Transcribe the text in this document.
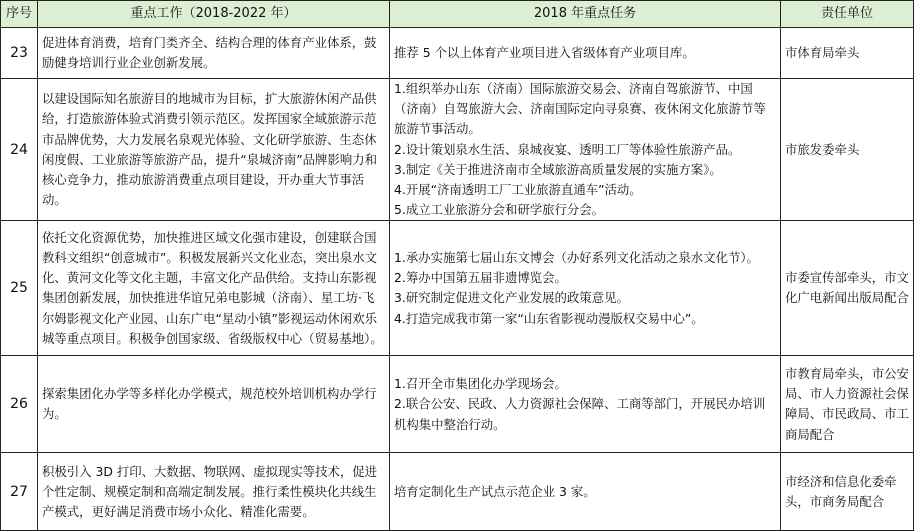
序号	重点工作（2018-2022 年）	2018 年重点任务	责任单位
23	促进体育消费，培育门类齐全、结构合理的体育产业体系，鼓励健身培训行业企业创新发展。	推荐 5 个以上体育产业项目进入省级体育产业项目库。	市体育局牵头
24	以建设国际知名旅游目的地城市为目标，扩大旅游休闲产品供给，打造旅游体验式消费引领示范区。发挥国家全域旅游示范市品牌优势，大力发展名泉观光体验、文化研学旅游、生态休闲度假、工业旅游等旅游产品，提升“泉城济南”品牌影响力和核心竞争力，推动旅游消费重点项目建设，开办重大节事活动。	1.组织举办山东（济南）国际旅游交易会、济南自驾旅游节、中国（济南）自驾旅游大会、济南国际定向寻泉赛、夜休闲文化旅游节等旅游节事活动。
2.设计策划泉水生活、泉城夜宴、透明工厂等体验性旅游产品。
3.制定《关于推进济南市全域旅游高质量发展的实施方案》。
4.开展“济南透明工厂工业旅游直通车”活动。
5.成立工业旅游分会和研学旅行分会。	市旅发委牵头
25	依托文化资源优势，加快推进区域文化强市建设，创建联合国教科文组织“创意城市”。积极发展新兴文化业态，突出泉水文化、黄河文化等文化主题，丰富文化产品供给。支持山东影视集团创新发展，加快推进华谊兄弟电影城（济南）、星工坊·飞尔姆影视文化产业园、山东广电“星动小镇”影视运动休闲欢乐城等重点项目。积极争创国家级、省级版权中心（贸易基地）。	1.承办实施第七届山东文博会（办好系列文化活动之泉水文化节）。
2.筹办中国第五届非遗博览会。
3.研究制定促进文化产业发展的政策意见。
4.打造完成我市第一家“山东省影视动漫版权交易中心”。	市委宣传部牵头，市文化广电新闻出版局配合
26	探索集团化办学等多样化办学模式，规范校外培训机构办学行为。	1.召开全市集团化办学现场会。
2.联合公安、民政、人力资源社会保障、工商等部门，开展民办培训机构集中整治行动。	市教育局牵头，市公安局、市人力资源社会保障局、市民政局、市工商局配合
27	积极引入 3D 打印、大数据、物联网、虚拟现实等技术，促进个性定制、规模定制和高端定制发展。推行柔性模块化共线生产模式，更好满足消费市场小众化、精准化需要。	培育定制化生产试点示范企业 3 家。	市经济和信息化委牵头，市商务局配合
